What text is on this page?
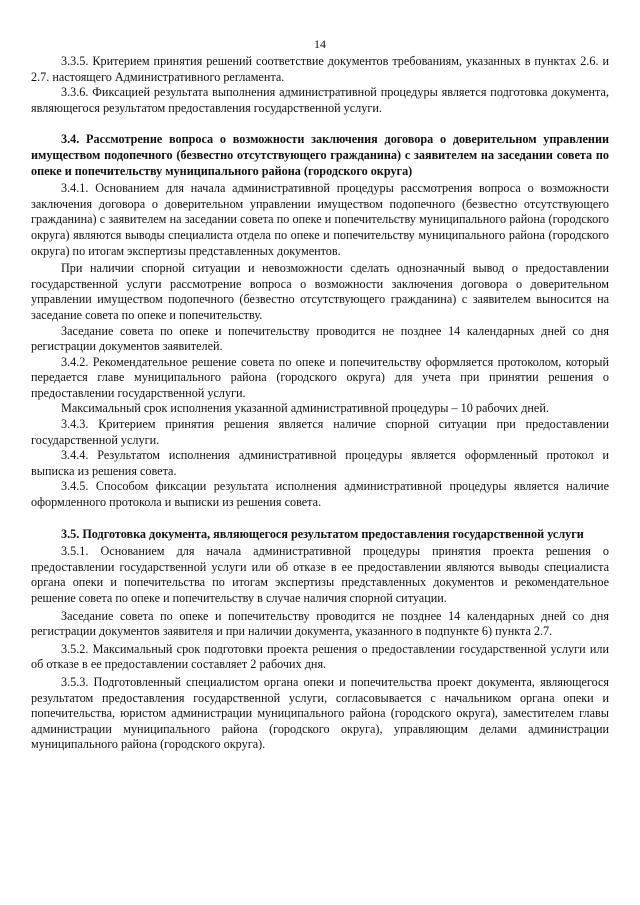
14

3.3.5. Критерием принятия решений соответствие документов требованиям, указанных в пунктах 2.6. и 2.7. настоящего Административного регламента.

3.3.6. Фиксацией результата выполнения административной процедуры является подготовка документа, являющегося результатом предоставления государственной услуги.

3.4. Рассмотрение вопроса о возможности заключения договора о доверительном управлении имуществом подопечного (безвестно отсутствующего гражданина) с заявителем на заседании совета по опеке и попечительству муниципального района (городского округа)

3.4.1. Основанием для начала административной процедуры рассмотрения вопроса о возможности заключения договора о доверительном управлении имуществом подопечного (безвестно отсутствующего гражданина) с заявителем на заседании совета по опеке и попечительству муниципального района (городского округа) являются выводы специалиста отдела по опеке и попечительству муниципального района (городского округа) по итогам экспертизы представленных документов.

При наличии спорной ситуации и невозможности сделать однозначный вывод о предоставлении государственной услуги рассмотрение вопроса о возможности заключения договора о доверительном управлении имуществом подопечного (безвестно отсутствующего гражданина) с заявителем выносится на заседание совета по опеке и попечительству.

Заседание совета по опеке и попечительству проводится не позднее 14 календарных дней со дня регистрации документов заявителей.

3.4.2. Рекомендательное решение совета по опеке и попечительству оформляется протоколом, который передается главе муниципального района (городского округа) для учета при принятии решения о предоставлении государственной услуги.

Максимальный срок исполнения указанной административной процедуры – 10 рабочих дней.

3.4.3. Критерием принятия решения является наличие спорной ситуации при предоставлении государственной услуги.

3.4.4. Результатом исполнения административной процедуры является оформленный протокол и выписка из решения совета.

3.4.5. Способом фиксации результата исполнения административной процедуры является наличие оформленного протокола и выписки из решения совета.

3.5. Подготовка документа, являющегося результатом предоставления государственной услуги

3.5.1. Основанием для начала административной процедуры принятия проекта решения о предоставлении государственной услуги или об отказе в ее предоставлении являются выводы специалиста органа опеки и попечительства по итогам экспертизы представленных документов и рекомендательное решение совета по опеке и попечительству в случае наличия спорной ситуации.

Заседание совета по опеке и попечительству проводится не позднее 14 календарных дней со дня регистрации документов заявителя и при наличии документа, указанного в подпункте 6) пункта 2.7.

3.5.2. Максимальный срок подготовки проекта решения о предоставлении государственной услуги или об отказе в ее предоставлении составляет 2 рабочих дня.

3.5.3. Подготовленный специалистом органа опеки и попечительства проект документа, являющегося результатом предоставления государственной услуги, согласовывается с начальником органа опеки и попечительства, юристом администрации муниципального района (городского округа), заместителем главы администрации муниципального района (городского округа), управляющим делами администрации муниципального района (городского округа).
